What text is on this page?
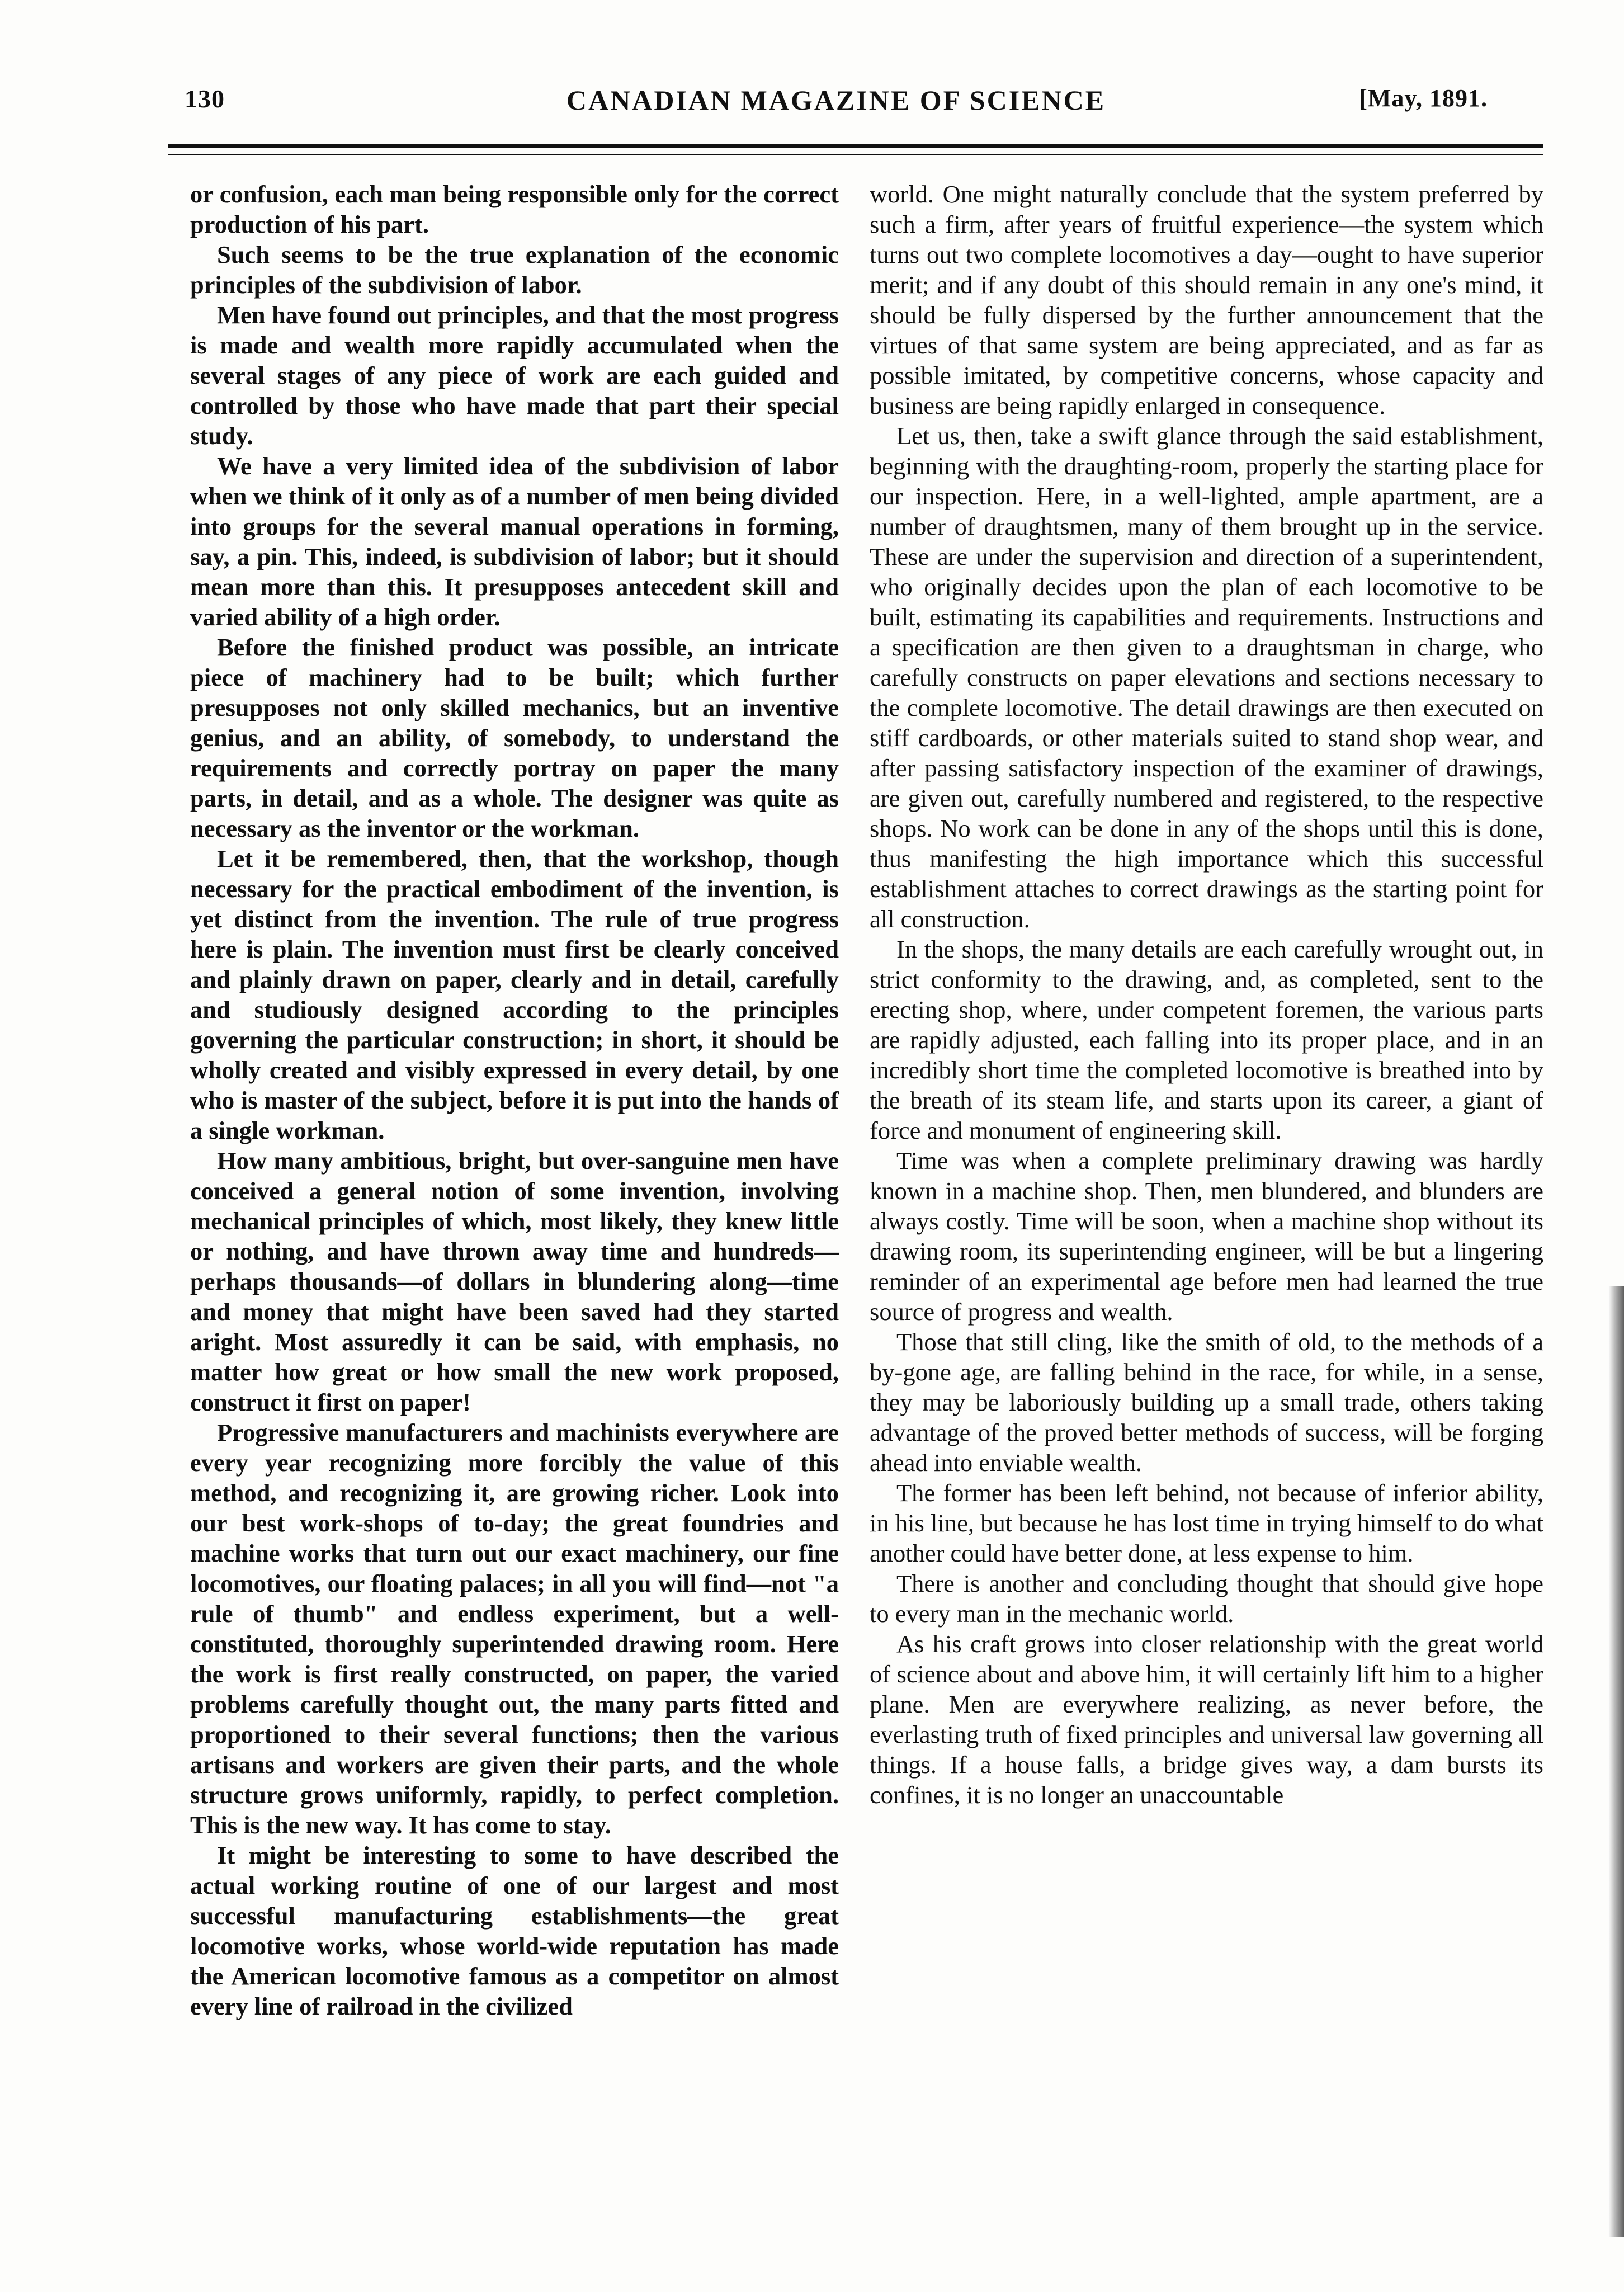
130	CANADIAN MAGAZINE OF SCIENCE	[May, 1891.

or confusion, each man being responsible only for the correct production of his part.

Such seems to be the true explanation of the economic principles of the subdivision of labor.

Men have found out principles, and that the most progress is made and wealth more rapidly accumulated when the several stages of any piece of work are each guided and controlled by those who have made that part their special study.

We have a very limited idea of the subdivision of labor when we think of it only as of a number of men being divided into groups for the several manual operations in forming, say, a pin. This, indeed, is subdivision of labor; but it should mean more than this. It presupposes antecedent skill and varied ability of a high order.

Before the finished product was possible, an intricate piece of machinery had to be built; which further presupposes not only skilled mechanics, but an inventive genius, and an ability, of somebody, to understand the requirements and correctly portray on paper the many parts, in detail, and as a whole. The designer was quite as necessary as the inventor or the workman.

Let it be remembered, then, that the workshop, though necessary for the practical embodiment of the invention, is yet distinct from the invention. The rule of true progress here is plain. The invention must first be clearly conceived and plainly drawn on paper, clearly and in detail, carefully and studiously designed according to the principles governing the particular construction; in short, it should be wholly created and visibly expressed in every detail, by one who is master of the subject, before it is put into the hands of a single workman.

How many ambitious, bright, but over-sanguine men have conceived a general notion of some invention, involving mechanical principles of which, most likely, they knew little or nothing, and have thrown away time and hundreds—perhaps thousands—of dollars in blundering along—time and money that might have been saved had they started aright. Most assuredly it can be said, with emphasis, no matter how great or how small the new work proposed, construct it first on paper!

Progressive manufacturers and machinists everywhere are every year recognizing more forcibly the value of this method, and recognizing it, are growing richer. Look into our best work-shops of to-day; the great foundries and machine works that turn out our exact machinery, our fine locomotives, our floating palaces; in all you will find—not "a rule of thumb" and endless experiment, but a well-constituted, thoroughly superintended drawing room. Here the work is first really constructed, on paper, the varied problems carefully thought out, the many parts fitted and proportioned to their several functions; then the various artisans and workers are given their parts, and the whole structure grows uniformly, rapidly, to perfect completion. This is the new way. It has come to stay.

It might be interesting to some to have described the actual working routine of one of our largest and most successful manufacturing establishments—the great locomotive works, whose world-wide reputation has made the American locomotive famous as a competitor on almost every line of railroad in the civilized

world. One might naturally conclude that the system preferred by such a firm, after years of fruitful experience—the system which turns out two complete locomotives a day—ought to have superior merit; and if any doubt of this should remain in any one's mind, it should be fully dispersed by the further announcement that the virtues of that same system are being appreciated, and as far as possible imitated, by competitive concerns, whose capacity and business are being rapidly enlarged in consequence.

Let us, then, take a swift glance through the said establishment, beginning with the draughting-room, properly the starting place for our inspection. Here, in a well-lighted, ample apartment, are a number of draughtsmen, many of them brought up in the service. These are under the supervision and direction of a superintendent, who originally decides upon the plan of each locomotive to be built, estimating its capabilities and requirements. Instructions and a specification are then given to a draughtsman in charge, who carefully constructs on paper elevations and sections necessary to the complete locomotive. The detail drawings are then executed on stiff cardboards, or other materials suited to stand shop wear, and after passing satisfactory inspection of the examiner of drawings, are given out, carefully numbered and registered, to the respective shops. No work can be done in any of the shops until this is done, thus manifesting the high importance which this successful establishment attaches to correct drawings as the starting point for all construction.

In the shops, the many details are each carefully wrought out, in strict conformity to the drawing, and, as completed, sent to the erecting shop, where, under competent foremen, the various parts are rapidly adjusted, each falling into its proper place, and in an incredibly short time the completed locomotive is breathed into by the breath of its steam life, and starts upon its career, a giant of force and monument of engineering skill.

Time was when a complete preliminary drawing was hardly known in a machine shop. Then, men blundered, and blunders are always costly. Time will be soon, when a machine shop without its drawing room, its superintending engineer, will be but a lingering reminder of an experimental age before men had learned the true source of progress and wealth.

Those that still cling, like the smith of old, to the methods of a by-gone age, are falling behind in the race, for while, in a sense, they may be laboriously building up a small trade, others taking advantage of the proved better methods of success, will be forging ahead into enviable wealth.

The former has been left behind, not because of inferior ability, in his line, but because he has lost time in trying himself to do what another could have better done, at less expense to him.

There is another and concluding thought that should give hope to every man in the mechanic world.

As his craft grows into closer relationship with the great world of science about and above him, it will certainly lift him to a higher plane. Men are everywhere realizing, as never before, the everlasting truth of fixed principles and universal law governing all things. If a house falls, a bridge gives way, a dam bursts its confines, it is no longer an unaccountable
